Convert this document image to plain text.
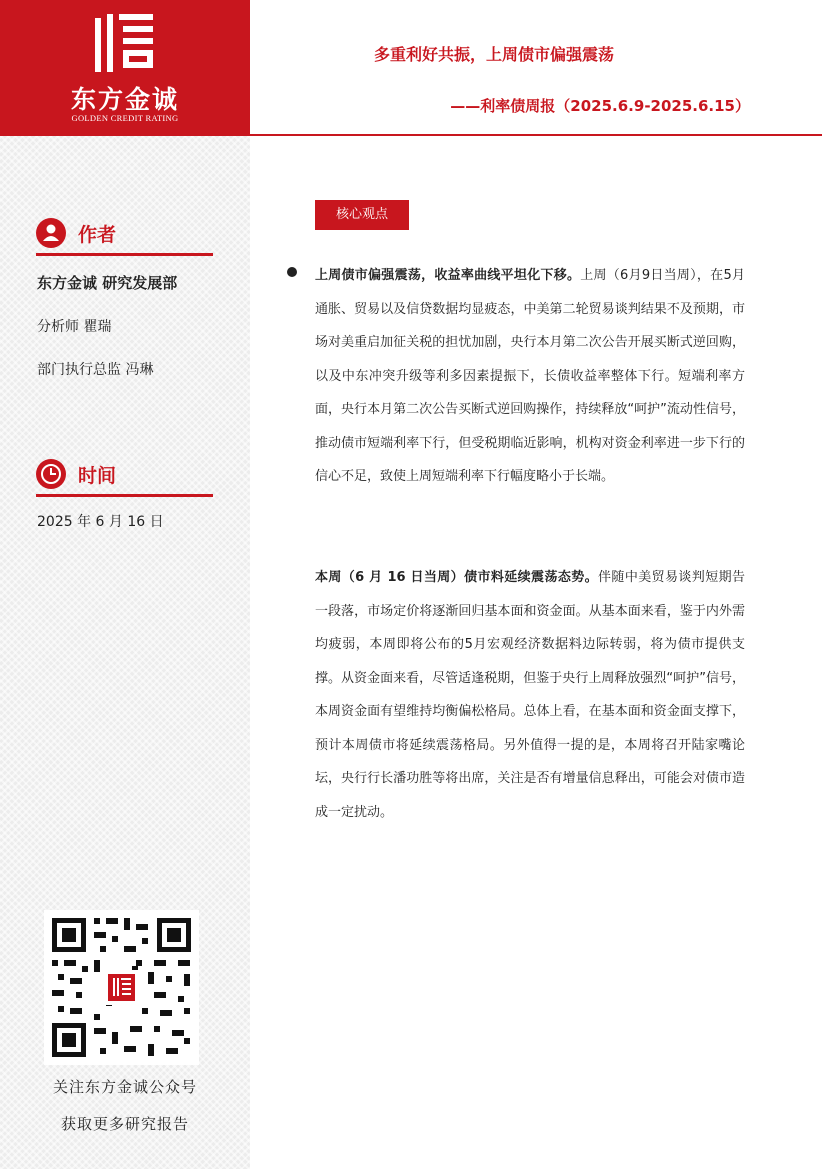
东方金诚
GOLDEN CREDIT RATING
多重利好共振，上周债市偏强震荡
——利率债周报（2025.6.9-2025.6.15）
作者
东方金诚 研究发展部
分析师 瞿瑞
部门执行总监 冯琳
时间
2025 年 6 月 16 日
关注东方金诚公众号
获取更多研究报告
核心观点

上周债市偏强震荡，收益率曲线平坦化下移。上周（6月9日当周），在5月通胀、贸易以及信贷数据均显疲态，中美第二轮贸易谈判结果不及预期，市场对美重启加征关税的担忧加剧，央行本月第二次公告开展买断式逆回购，以及中东冲突升级等利多因素提振下，长债收益率整体下行。短端利率方面，央行本月第二次公告买断式逆回购操作，持续释放“呵护”流动性信号，推动债市短端利率下行，但受税期临近影响，机构对资金利率进一步下行的信心不足，致使上周短端利率下行幅度略小于长端。

本周（6 月 16 日当周）债市料延续震荡态势。伴随中美贸易谈判短期告一段落，市场定价将逐渐回归基本面和资金面。从基本面来看，鉴于内外需均疲弱，本周即将公布的5月宏观经济数据料边际转弱，将为债市提供支撑。从资金面来看，尽管适逢税期，但鉴于央行上周释放强烈“呵护”信号，本周资金面有望维持均衡偏松格局。总体上看，在基本面和资金面支撑下，预计本周债市将延续震荡格局。另外值得一提的是，本周将召开陆家嘴论坛，央行行长潘功胜等将出席，关注是否有增量信息释出，可能会对债市造成一定扰动。
